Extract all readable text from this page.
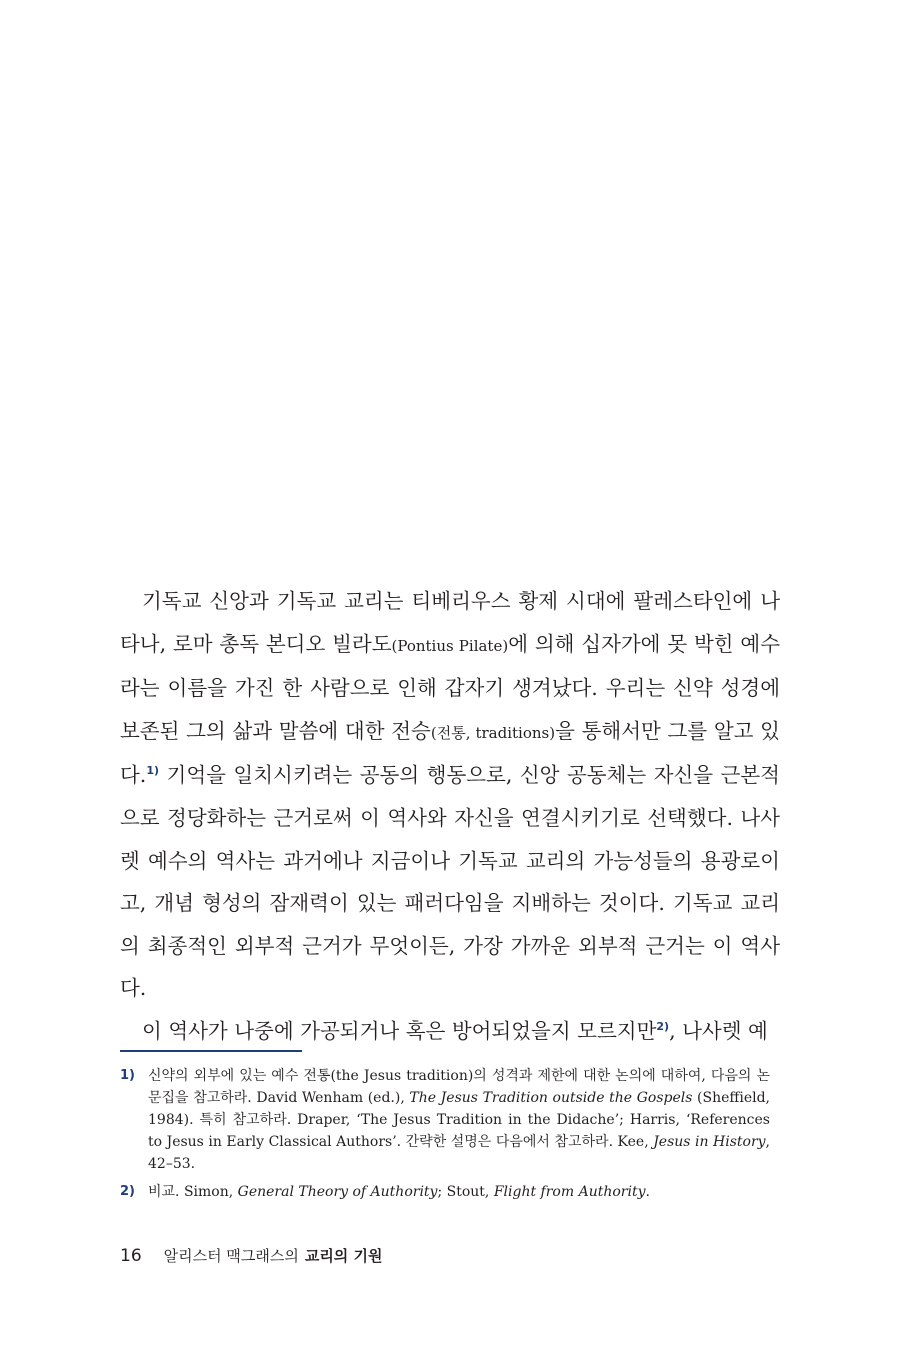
기독교 신앙과 기독교 교리는 티베리우스 황제 시대에 팔레스타인에 나타나, 로마 총독 본디오 빌라도(Pontius Pilate)에 의해 십자가에 못 박힌 예수라는 이름을 가진 한 사람으로 인해 갑자기 생겨났다. 우리는 신약 성경에 보존된 그의 삶과 말씀에 대한 전승(전통, traditions)을 통해서만 그를 알고 있다.$^{1)}$ 기억을 일치시키려는 공동의 행동으로, 신앙 공동체는 자신을 근본적으로 정당화하는 근거로써 이 역사와 자신을 연결시키기로 선택했다. 나사렛 예수의 역사는 과거에나 지금이나 기독교 교리의 가능성들의 용광로이고, 개념 형성의 잠재력이 있는 패러다임을 지배하는 것이다. 기독교 교리의 최종적인 외부적 근거가 무엇이든, 가장 가까운 외부적 근거는 이 역사다.

이 역사가 나중에 가공되거나 혹은 방어되었을지 모르지만$^{2)}$, 나사렛 예

1) 신약의 외부에 있는 예수 전통(the Jesus tradition)의 성격과 제한에 대한 논의에 대하여, 다음의 논문집을 참고하라. David Wenham (ed.), The Jesus Tradition outside the Gospels (Sheffield, 1984). 특히 참고하라. Draper, ‘The Jesus Tradition in the Didache’; Harris, ‘References to Jesus in Early Classical Authors’. 간략한 설명은 다음에서 참고하라. Kee, Jesus in History, 42–53.
2) 비교. Simon, General Theory of Authority; Stout, Flight from Authority.
16 알리스터 맥그래스의 교리의 기원
